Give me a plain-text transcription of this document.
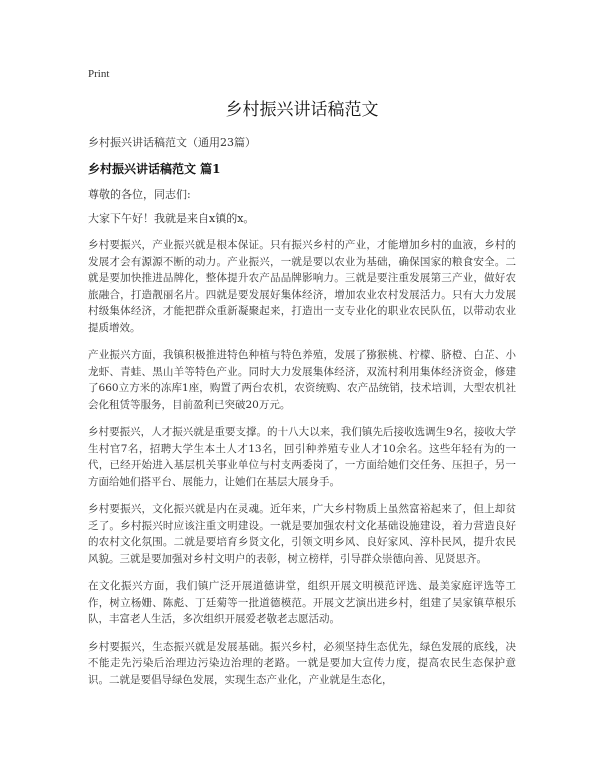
Print
乡村振兴讲话稿范文
乡村振兴讲话稿范文（通用23篇）
乡村振兴讲话稿范文 篇1
尊敬的各位，同志们:
大家下午好！我就是来自x镇的x。

乡村要振兴，产业振兴就是根本保证。只有振兴乡村的产业，才能增加乡村的血液，乡村的发展才会有源源不断的动力。产业振兴，一就是要以农业为基础，确保国家的粮食安全。二就是要加快推进品牌化，整体提升农产品品牌影响力。三就是要注重发展第三产业，做好农旅融合，打造靓丽名片。四就是要发展好集体经济，增加农业农村发展活力。只有大力发展村级集体经济，才能把群众重新凝聚起来，打造出一支专业化的职业农民队伍，以带动农业提质增效。

产业振兴方面，我镇积极推进特色种植与特色养殖，发展了猕猴桃、柠檬、脐橙、白芷、小龙虾、青蛙、黑山羊等特色产业。同时大力发展集体经济，双流村利用集体经济资金，修建了660立方米的冻库1座，购置了两台农机，农资统购、农产品统销，技术培训，大型农机社会化租赁等服务，目前盈利已突破20万元。

乡村要振兴，人才振兴就是重要支撑。的十八大以来，我们镇先后接收选调生9名，接收大学生村官7名，招聘大学生本土人才13名，回引种养殖专业人才10余名。这些年轻有为的一代，已经开始进入基层机关事业单位与村支两委岗了，一方面给她们交任务、压担子，另一方面给她们搭平台、展能力，让她们在基层大展身手。

乡村要振兴，文化振兴就是内在灵魂。近年来，广大乡村物质上虽然富裕起来了，但上却贫乏了。乡村振兴时应该注重文明建设。一就是要加强农村文化基础设施建设，着力营造良好的农村文化氛围。二就是要培育乡贤文化，引领文明乡风、良好家风、淳朴民风，提升农民风貌。三就是要加强对乡村文明户的表彰，树立榜样，引导群众崇德向善、见贤思齐。

在文化振兴方面，我们镇广泛开展道德讲堂，组织开展文明模范评选、最美家庭评选等工作，树立杨姗、陈彪、丁廷菊等一批道德模范。开展文艺演出进乡村，组建了吴家镇草根乐队，丰富老人生活，多次组织开展爱老敬老志愿活动。

乡村要振兴，生态振兴就是发展基础。振兴乡村，必须坚持生态优先，绿色发展的底线，决不能走先污染后治理边污染边治理的老路。一就是要加大宣传力度，提高农民生态保护意识。二就是要倡导绿色发展，实现生态产业化，产业就是生态化，
